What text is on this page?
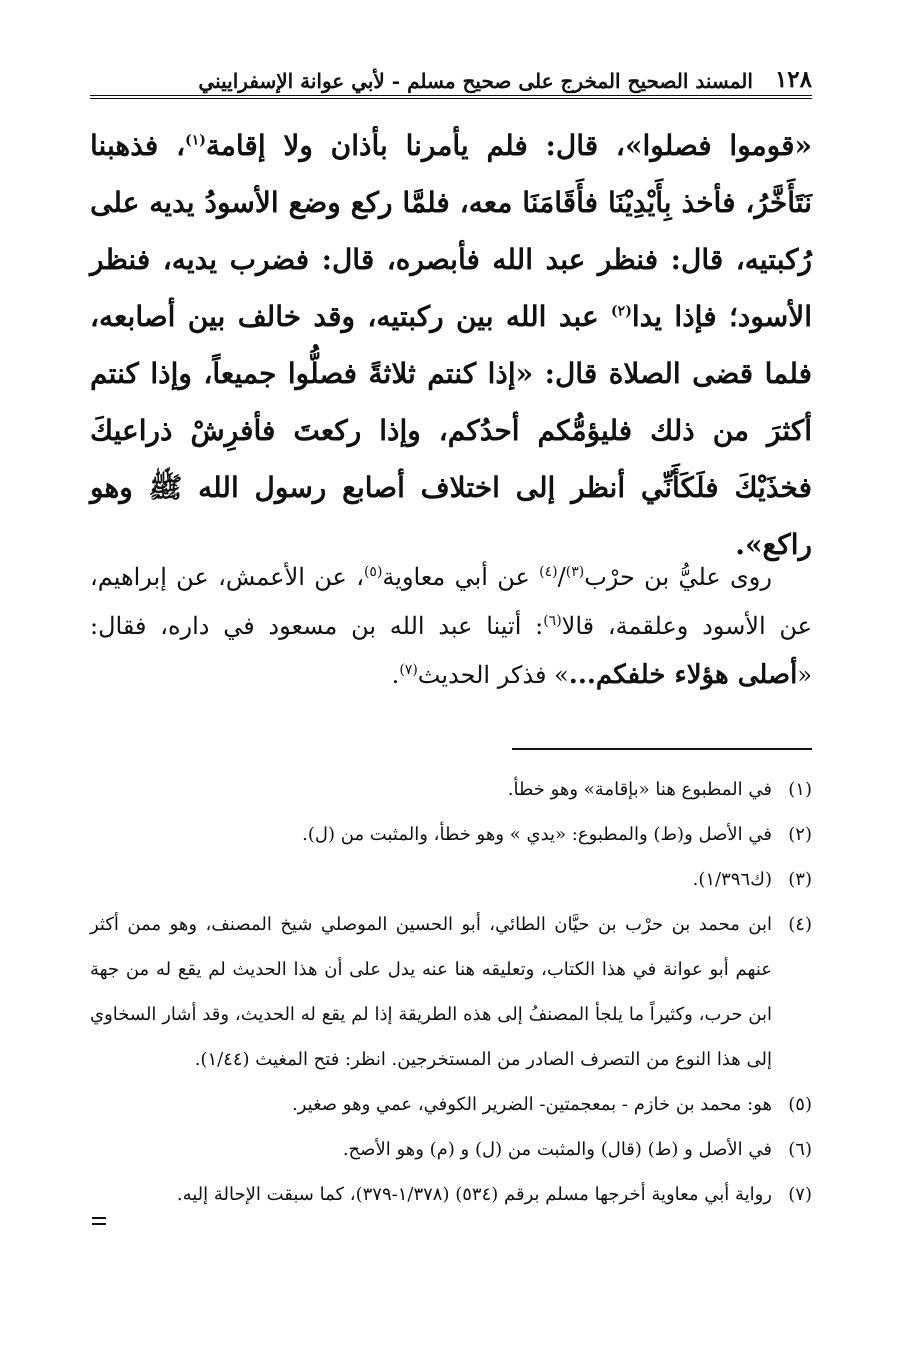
١٢٨
المسند الصحيح المخرج على صحيح مسلم - لأبي عوانة الإسفراييني

«قوموا فصلوا»، قال: فلم يأمرنا بأذان ولا إقامة$^{(١)}$، فذهبنا نَتَأَخَّرُ، فأخذ بِأَيْدِيْنَا فأَقَامَنَا معه، فلمَّا ركع وضع الأسودُ يديه على رُكبتيه، قال: فنظر عبد الله فأبصره، قال: فضرب يديه، فنظر الأسود؛ فإذا يدا$^{(٢)}$ عبد الله بين ركبتيه، وقد خالف بين أصابعه، فلما قضى الصلاة قال: «إذا كنتم ثلاثةً فصلُّوا جميعاً، وإذا كنتم أكثرَ من ذلك فليؤمُّكم أحدُكم، وإذا ركعتَ فأفرِشْ ذراعيكَ فخذَيْكَ فلَكَأَنِّي أنظر إلى اختلاف أصابع رسول الله ﷺ وهو راكع».

روى عليُّ بن حرْب$^{(٣)}$/$^{(٤)}$ عن أبي معاوية$^{(٥)}$، عن الأعمش، عن إبراهيم، عن الأسود وعلقمة، قالا$^{(٦)}$: أتينا عبد الله بن مسعود في داره، فقال: «أصلى هؤلاء خلفكم...» فذكر الحديث$^{(٧)}$.

(١)في المطبوع هنا «بإقامة» وهو خطأ.

(٢)في الأصل و(ط) والمطبوع: «يدي » وهو خطأ، والمثبت من (ل).

(٣)(ك١/٣٩٦).

(٤)ابن محمد بن حرْب بن حيَّان الطائي، أبو الحسين الموصلي شيخ المصنف، وهو ممن أكثر عنهم أبو عوانة في هذا الكتاب، وتعليقه هنا عنه يدل على أن هذا الحديث لم يقع له من جهة ابن حرب، وكثيراً ما يلجأ المصنفُ إلى هذه الطريقة إذا لم يقع له الحديث، وقد أشار السخاوي إلى هذا النوع من التصرف الصادر من المستخرجين. انظر: فتح المغيث (١/٤٤).

(٥)هو: محمد بن خازم - بمعجمتين- الضرير الكوفي، عمي وهو صغير.

(٦)في الأصل و (ط) (قال) والمثبت من (ل) و (م) وهو الأصح.

(٧)رواية أبي معاوية أخرجها مسلم برقم (٥٣٤) (١/٣٧٨-٣٧٩)، كما سبقت الإحالة إليه.
